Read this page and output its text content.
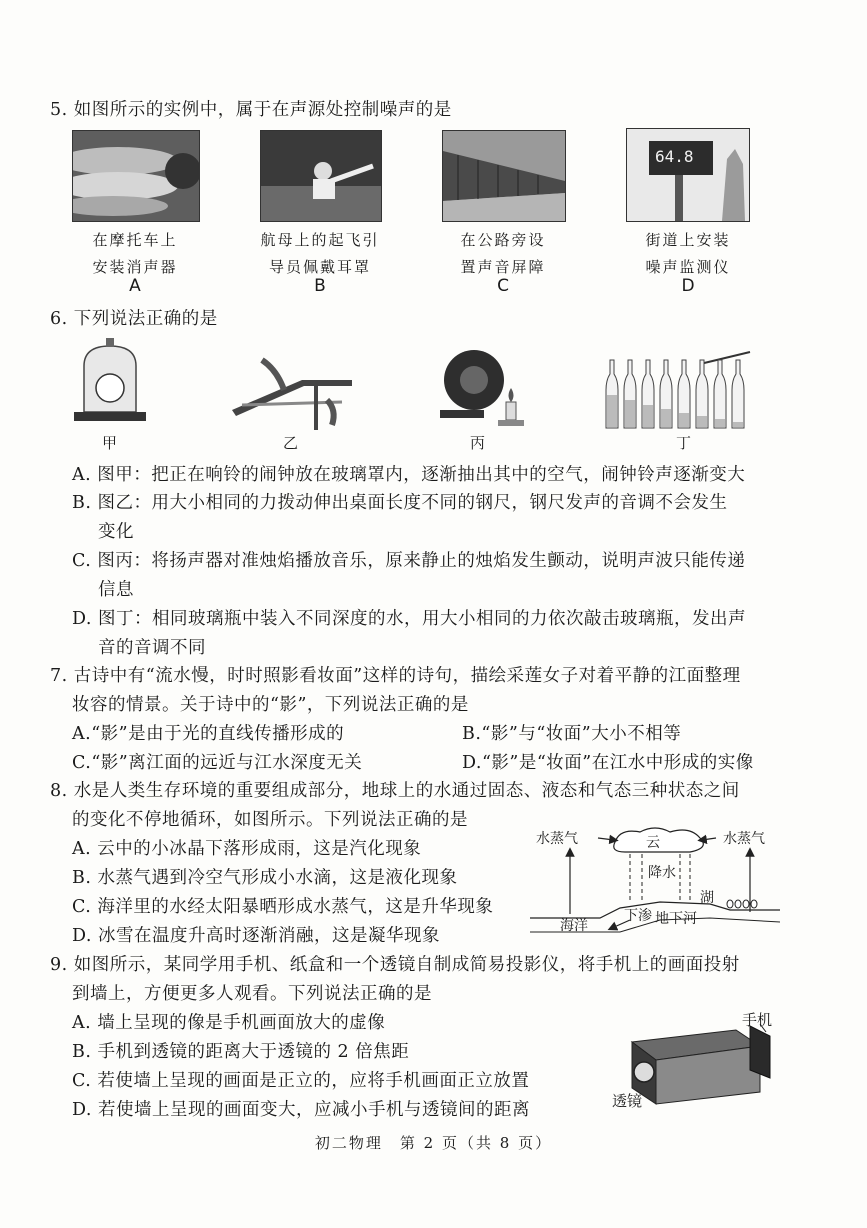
5. 如图所示的实例中，属于在声源处控制噪声的是
64.8
在摩托车上
安装消声器
A
航母上的起飞引
导员佩戴耳罩
B
在公路旁设
置声音屏障
C
街道上安装
噪声监测仪
D
6. 下列说法正确的是
甲	乙	丙	丁
A. 图甲：把正在响铃的闹钟放在玻璃罩内，逐渐抽出其中的空气，闹钟铃声逐渐变大
B. 图乙：用大小相同的力拨动伸出桌面长度不同的钢尺，钢尺发声的音调不会发生
变化
C. 图丙：将扬声器对准烛焰播放音乐，原来静止的烛焰发生颤动，说明声波只能传递
信息
D. 图丁：相同玻璃瓶中装入不同深度的水，用大小相同的力依次敲击玻璃瓶，发出声
音的音调不同
7. 古诗中有“流水慢，时时照影看妆面”这样的诗句，描绘采莲女子对着平静的江面整理
妆容的情景。关于诗中的“影”，下列说法正确的是
A.“影”是由于光的直线传播形成的	B.“影”与“妆面”大小不相等
C.“影”离江面的远近与江水深度无关	D.“影”是“妆面”在江水中形成的实像
8. 水是人类生存环境的重要组成部分，地球上的水通过固态、液态和气态三种状态之间
的变化不停地循环，如图所示。下列说法正确的是
A. 云中的小冰晶下落形成雨，这是汽化现象
B. 水蒸气遇到冷空气形成小水滴，这是液化现象
C. 海洋里的水经太阳暴晒形成水蒸气，这是升华现象
D. 冰雪在温度升高时逐渐消融，这是凝华现象
水蒸气	水蒸气
云
降水
湖
海洋
下渗 地下河
9. 如图所示，某同学用手机、纸盒和一个透镜自制成简易投影仪，将手机上的画面投射
到墙上，方便更多人观看。下列说法正确的是
A. 墙上呈现的像是手机画面放大的虚像
B. 手机到透镜的距离大于透镜的 2 倍焦距
C. 若使墙上呈现的画面是正立的，应将手机画面正立放置
D. 若使墙上呈现的画面变大，应减小手机与透镜间的距离
手机
透镜
初二物理　第 2 页（共 8 页）
